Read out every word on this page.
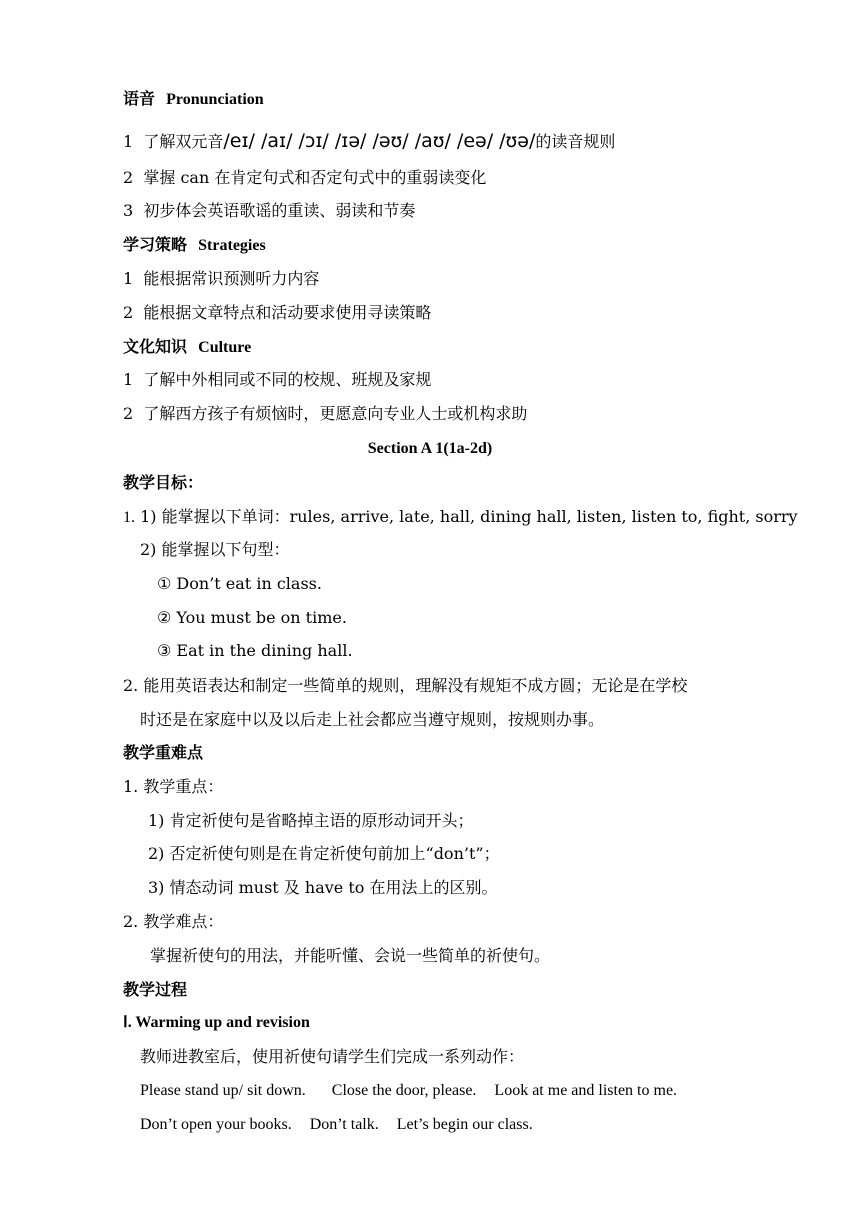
语音 Pronunciation
1 了解双元音/eɪ/ /aɪ/ /ɔɪ/ /ɪə/ /əʊ/ /aʊ/ /eə/ /ʊə/的读音规则
2 掌握 can 在肯定句式和否定句式中的重弱读变化
3 初步体会英语歌谣的重读、弱读和节奏
学习策略 Strategies
1 能根据常识预测听力内容
2 能根据文章特点和活动要求使用寻读策略
文化知识 Culture
1 了解中外相同或不同的校规、班规及家规
2 了解西方孩子有烦恼时，更愿意向专业人士或机构求助
Section A 1(1a-2d)
教学目标：
1. 1) 能掌握以下单词：rules, arrive, late, hall, dining hall, listen, listen to, fight, sorry
2) 能掌握以下句型：
① Don’t eat in class.
② You must be on time.
③ Eat in the dining hall.
2. 能用英语表达和制定一些简单的规则，理解没有规矩不成方圆；无论是在学校
时还是在家庭中以及以后走上社会都应当遵守规则，按规则办事。
教学重难点
1. 教学重点：
1) 肯定祈使句是省略掉主语的原形动词开头；
2) 否定祈使句则是在肯定祈使句前加上“don’t”；
3) 情态动词 must 及 have to 在用法上的区别。
2. 教学难点：
掌握祈使句的用法，并能听懂、会说一些简单的祈使句。
教学过程
Ⅰ. Warming up and revision
教师进教室后，使用祈使句请学生们完成一系列动作：
Please stand up/ sit down. Close the door, please. Look at me and listen to me.
Don’t open your books. Don’t talk. Let’s begin our class.
